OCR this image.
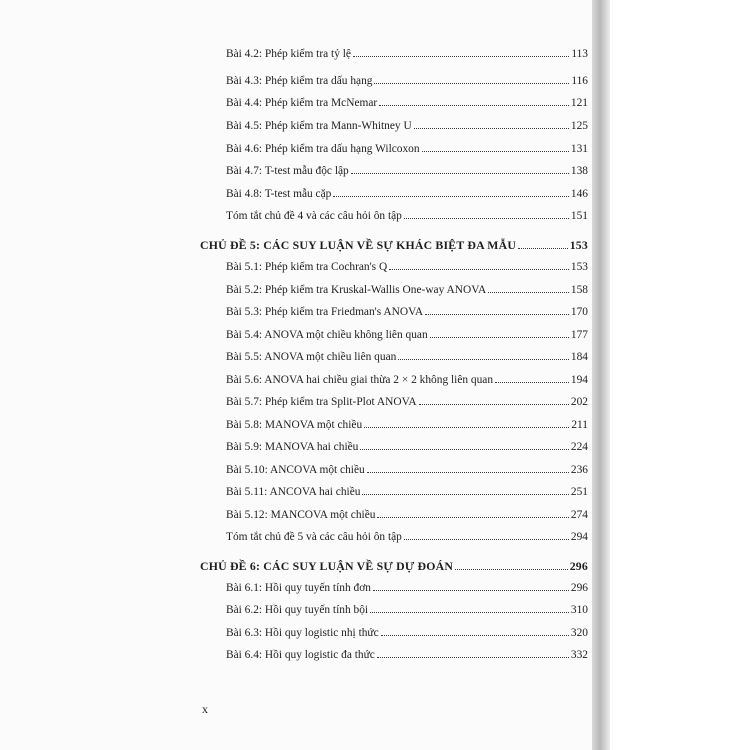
Bài 4.2: Phép kiểm tra tỷ lệ	113
Bài 4.3: Phép kiểm tra dấu hạng	116
Bài 4.4: Phép kiểm tra McNemar	121
Bài 4.5: Phép kiểm tra Mann-Whitney U	125
Bài 4.6: Phép kiểm tra dấu hạng Wilcoxon	131
Bài 4.7: T-test mẫu độc lập	138
Bài 4.8: T-test mẫu cặp	146
Tóm tắt chủ đề 4 và các câu hỏi ôn tập	151
CHỦ ĐỀ 5: CÁC SUY LUẬN VỀ SỰ KHÁC BIỆT ĐA MẪU	153
Bài 5.1: Phép kiểm tra Cochran's Q	153
Bài 5.2: Phép kiểm tra Kruskal-Wallis One-way ANOVA	158
Bài 5.3: Phép kiểm tra Friedman's ANOVA	170
Bài 5.4: ANOVA một chiều không liên quan	177
Bài 5.5: ANOVA một chiều liên quan	184
Bài 5.6: ANOVA hai chiều giai thừa 2 × 2 không liên quan	194
Bài 5.7: Phép kiểm tra Split-Plot ANOVA	202
Bài 5.8: MANOVA một chiều	211
Bài 5.9: MANOVA hai chiều	224
Bài 5.10: ANCOVA một chiều	236
Bài 5.11: ANCOVA hai chiều	251
Bài 5.12: MANCOVA một chiều	274
Tóm tắt chủ đề 5 và các câu hỏi ôn tập	294
CHỦ ĐỀ 6: CÁC SUY LUẬN VỀ SỰ DỰ ĐOÁN	296
Bài 6.1: Hồi quy tuyến tính đơn	296
Bài 6.2: Hồi quy tuyến tính bội	310
Bài 6.3: Hồi quy logistic nhị thức	320
Bài 6.4: Hồi quy logistic đa thức	332
x
